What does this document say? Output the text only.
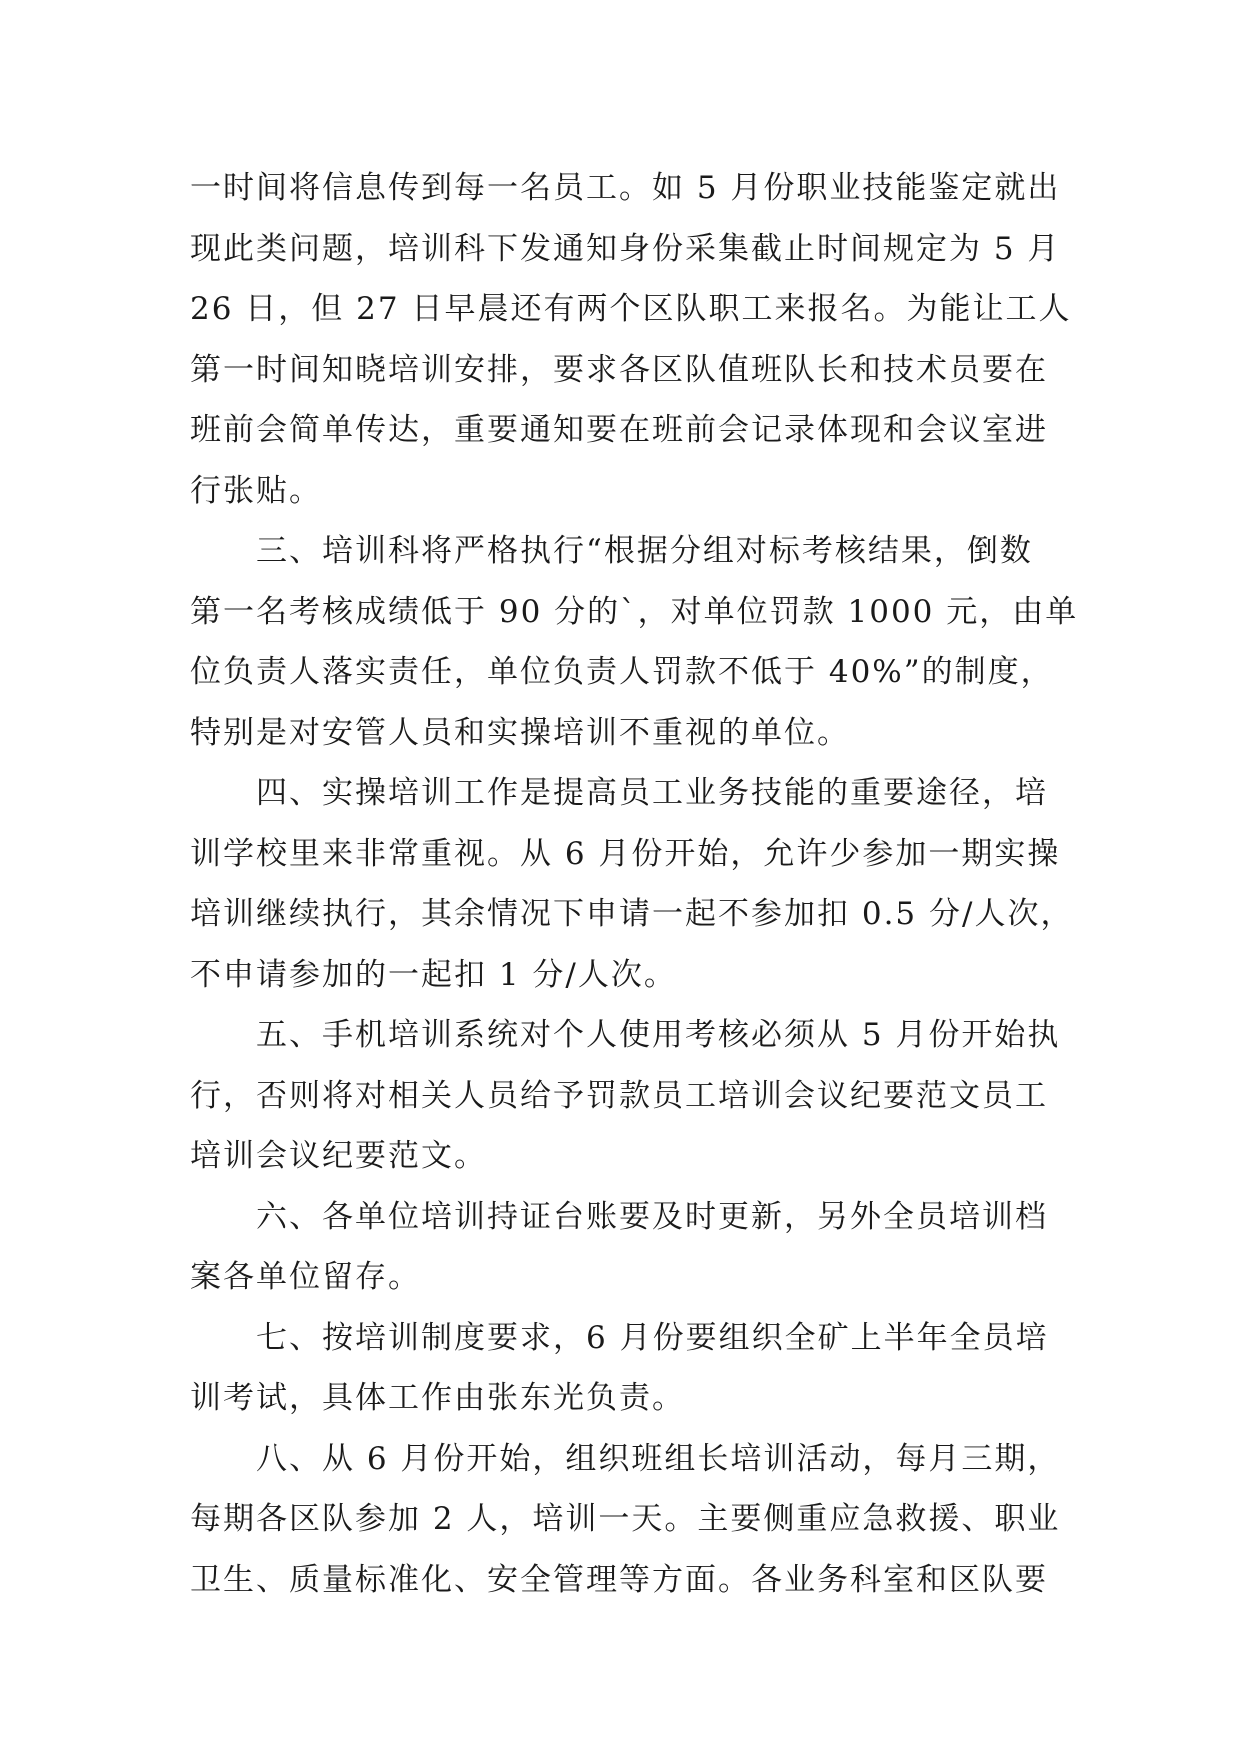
一时间将信息传到每一名员工。如 5 月份职业技能鉴定就出
现此类问题，培训科下发通知身份采集截止时间规定为 5 月
26 日，但 27 日早晨还有两个区队职工来报名。为能让工人
第一时间知晓培训安排，要求各区队值班队长和技术员要在
班前会简单传达，重要通知要在班前会记录体现和会议室进
行张贴。
　　三、培训科将严格执行“根据分组对标考核结果，倒数
第一名考核成绩低于 90 分的`，对单位罚款 1000 元，由单
位负责人落实责任，单位负责人罚款不低于 40%”的制度，
特别是对安管人员和实操培训不重视的单位。
　　四、实操培训工作是提高员工业务技能的重要途径，培
训学校里来非常重视。从 6 月份开始，允许少参加一期实操
培训继续执行，其余情况下申请一起不参加扣 0.5 分/人次，
不申请参加的一起扣 1 分/人次。
　　五、手机培训系统对个人使用考核必须从 5 月份开始执
行，否则将对相关人员给予罚款员工培训会议纪要范文员工
培训会议纪要范文。
　　六、各单位培训持证台账要及时更新，另外全员培训档
案各单位留存。
　　七、按培训制度要求，6 月份要组织全矿上半年全员培
训考试，具体工作由张东光负责。
　　八、从 6 月份开始，组织班组长培训活动，每月三期，
每期各区队参加 2 人，培训一天。主要侧重应急救援、职业
卫生、质量标准化、安全管理等方面。各业务科室和区队要
